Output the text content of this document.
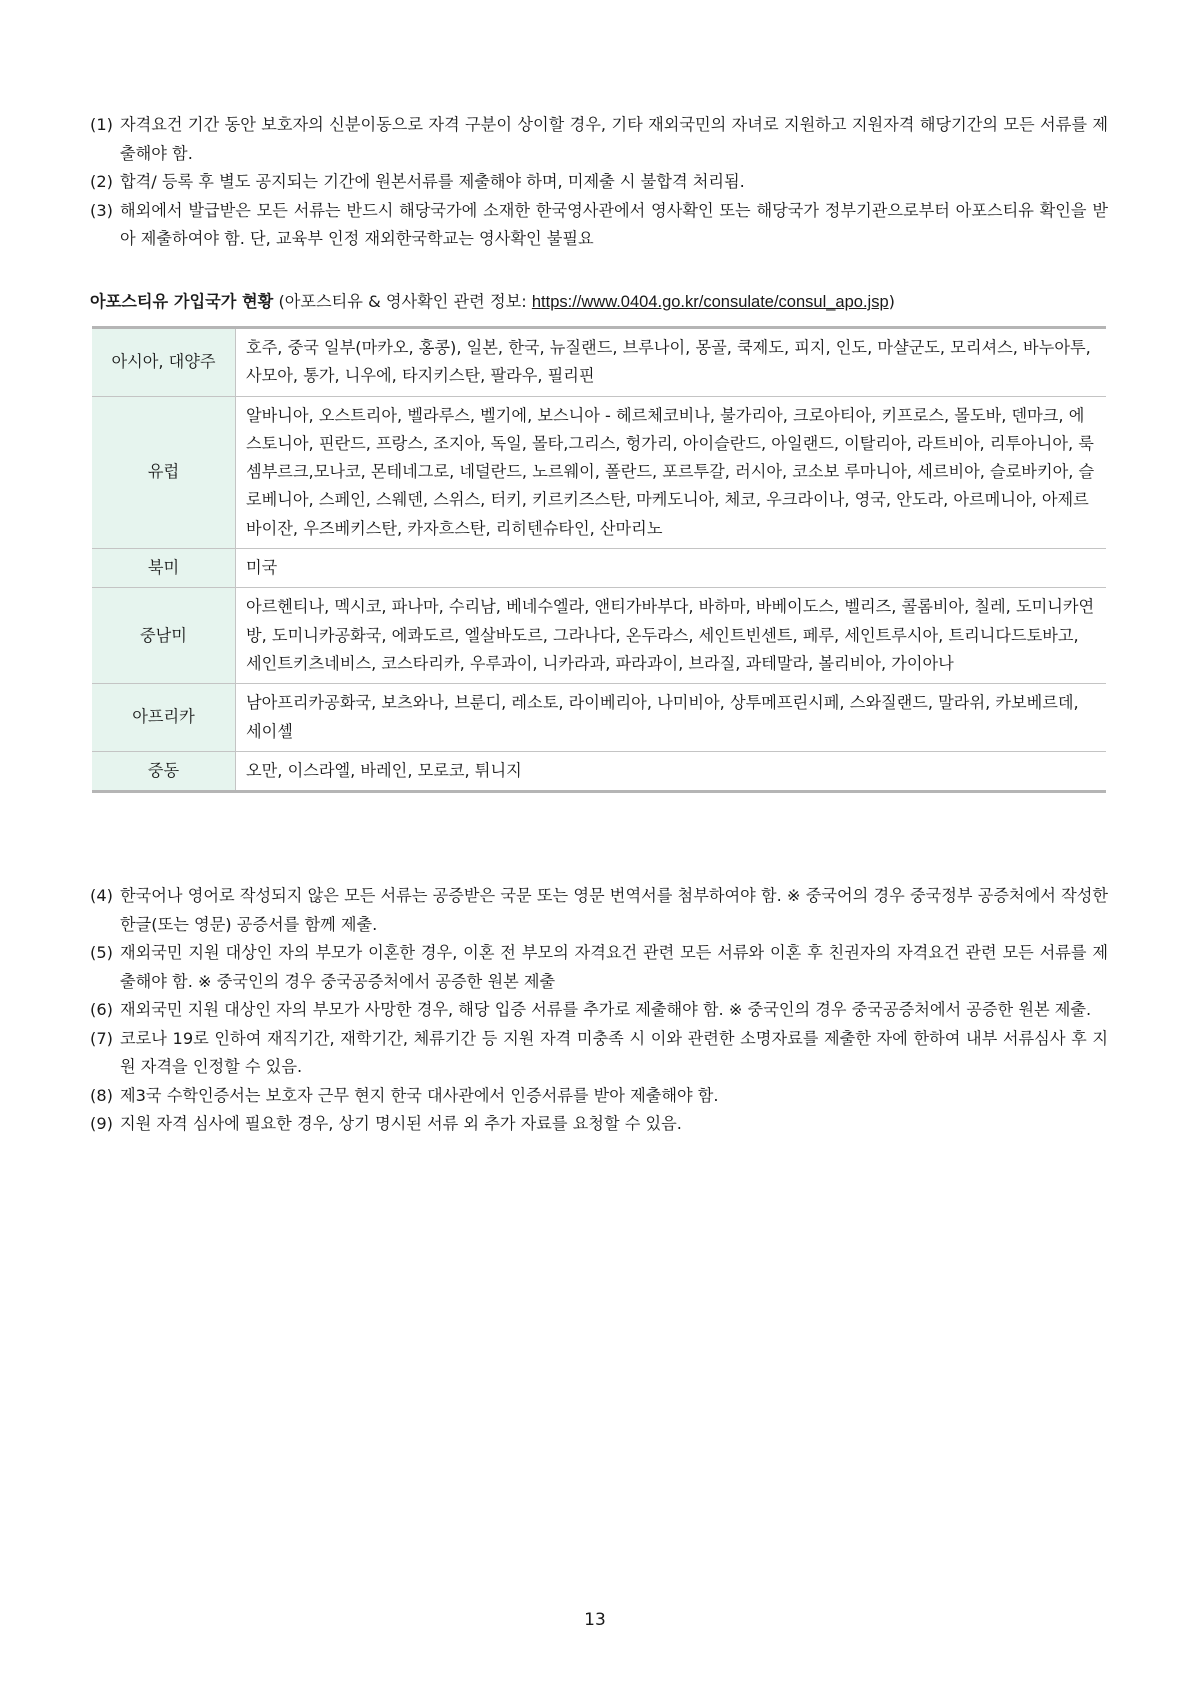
(1) 자격요건 기간 동안 보호자의 신분이동으로 자격 구분이 상이할 경우, 기타 재외국민의 자녀로 지원하고 지원자격 해당기간의 모든 서류를 제출해야 함.
(2) 합격/ 등록 후 별도 공지되는 기간에 원본서류를 제출해야 하며, 미제출 시 불합격 처리됨.
(3) 해외에서 발급받은 모든 서류는 반드시 해당국가에 소재한 한국영사관에서 영사확인 또는 해당국가 정부기관으로부터 아포스티유 확인을 받아 제출하여야 함. 단, 교육부 인정 재외한국학교는 영사확인 불필요
아포스티유 가입국가 현황 (아포스티유 & 영사확인 관련 정보: https://www.0404.go.kr/consulate/consul_apo.jsp)
아시아, 대양주	호주, 중국 일부(마카오, 홍콩), 일본, 한국, 뉴질랜드, 브루나이, 몽골, 쿡제도, 피지, 인도, 마샬군도, 모리셔스, 바누아투, 사모아, 통가, 니우에, 타지키스탄, 팔라우, 필리핀
유럽	알바니아, 오스트리아, 벨라루스, 벨기에, 보스니아 - 헤르체코비나, 불가리아, 크로아티아, 키프로스, 몰도바, 덴마크, 에스토니아, 핀란드, 프랑스, 조지아, 독일, 몰타,그리스, 헝가리, 아이슬란드, 아일랜드, 이탈리아, 라트비아, 리투아니아, 룩셈부르크,모나코, 몬테네그로, 네덜란드, 노르웨이, 폴란드, 포르투갈, 러시아, 코소보 루마니아, 세르비아, 슬로바키아, 슬로베니아, 스페인, 스웨덴, 스위스, 터키, 키르키즈스탄, 마케도니아, 체코, 우크라이나, 영국, 안도라, 아르메니아, 아제르바이잔, 우즈베키스탄, 카자흐스탄, 리히텐슈타인, 산마리노
북미	미국
중남미	아르헨티나, 멕시코, 파나마, 수리남, 베네수엘라, 앤티가바부다, 바하마, 바베이도스, 벨리즈, 콜롬비아, 칠레, 도미니카연방, 도미니카공화국, 에콰도르, 엘살바도르, 그라나다, 온두라스, 세인트빈센트, 페루, 세인트루시아, 트리니다드토바고, 세인트키츠네비스, 코스타리카, 우루과이, 니카라과, 파라과이, 브라질, 과테말라, 볼리비아, 가이아나
아프리카	남아프리카공화국, 보츠와나, 브룬디, 레소토, 라이베리아, 나미비아, 상투메프린시페, 스와질랜드, 말라위, 카보베르데, 세이셸
중동	오만, 이스라엘, 바레인, 모로코, 튀니지
(4) 한국어나 영어로 작성되지 않은 모든 서류는 공증받은 국문 또는 영문 번역서를 첨부하여야 함. ※ 중국어의 경우 중국정부 공증처에서 작성한 한글(또는 영문) 공증서를 함께 제출.
(5) 재외국민 지원 대상인 자의 부모가 이혼한 경우, 이혼 전 부모의 자격요건 관련 모든 서류와 이혼 후 친권자의 자격요건 관련 모든 서류를 제출해야 함. ※ 중국인의 경우 중국공증처에서 공증한 원본 제출
(6) 재외국민 지원 대상인 자의 부모가 사망한 경우, 해당 입증 서류를 추가로 제출해야 함. ※ 중국인의 경우 중국공증처에서 공증한 원본 제출.
(7) 코로나 19로 인하여 재직기간, 재학기간, 체류기간 등 지원 자격 미충족 시 이와 관련한 소명자료를 제출한 자에 한하여 내부 서류심사 후 지원 자격을 인정할 수 있음.
(8) 제3국 수학인증서는 보호자 근무 현지 한국 대사관에서 인증서류를 받아 제출해야 함.
(9) 지원 자격 심사에 필요한 경우, 상기 명시된 서류 외 추가 자료를 요청할 수 있음.
13
